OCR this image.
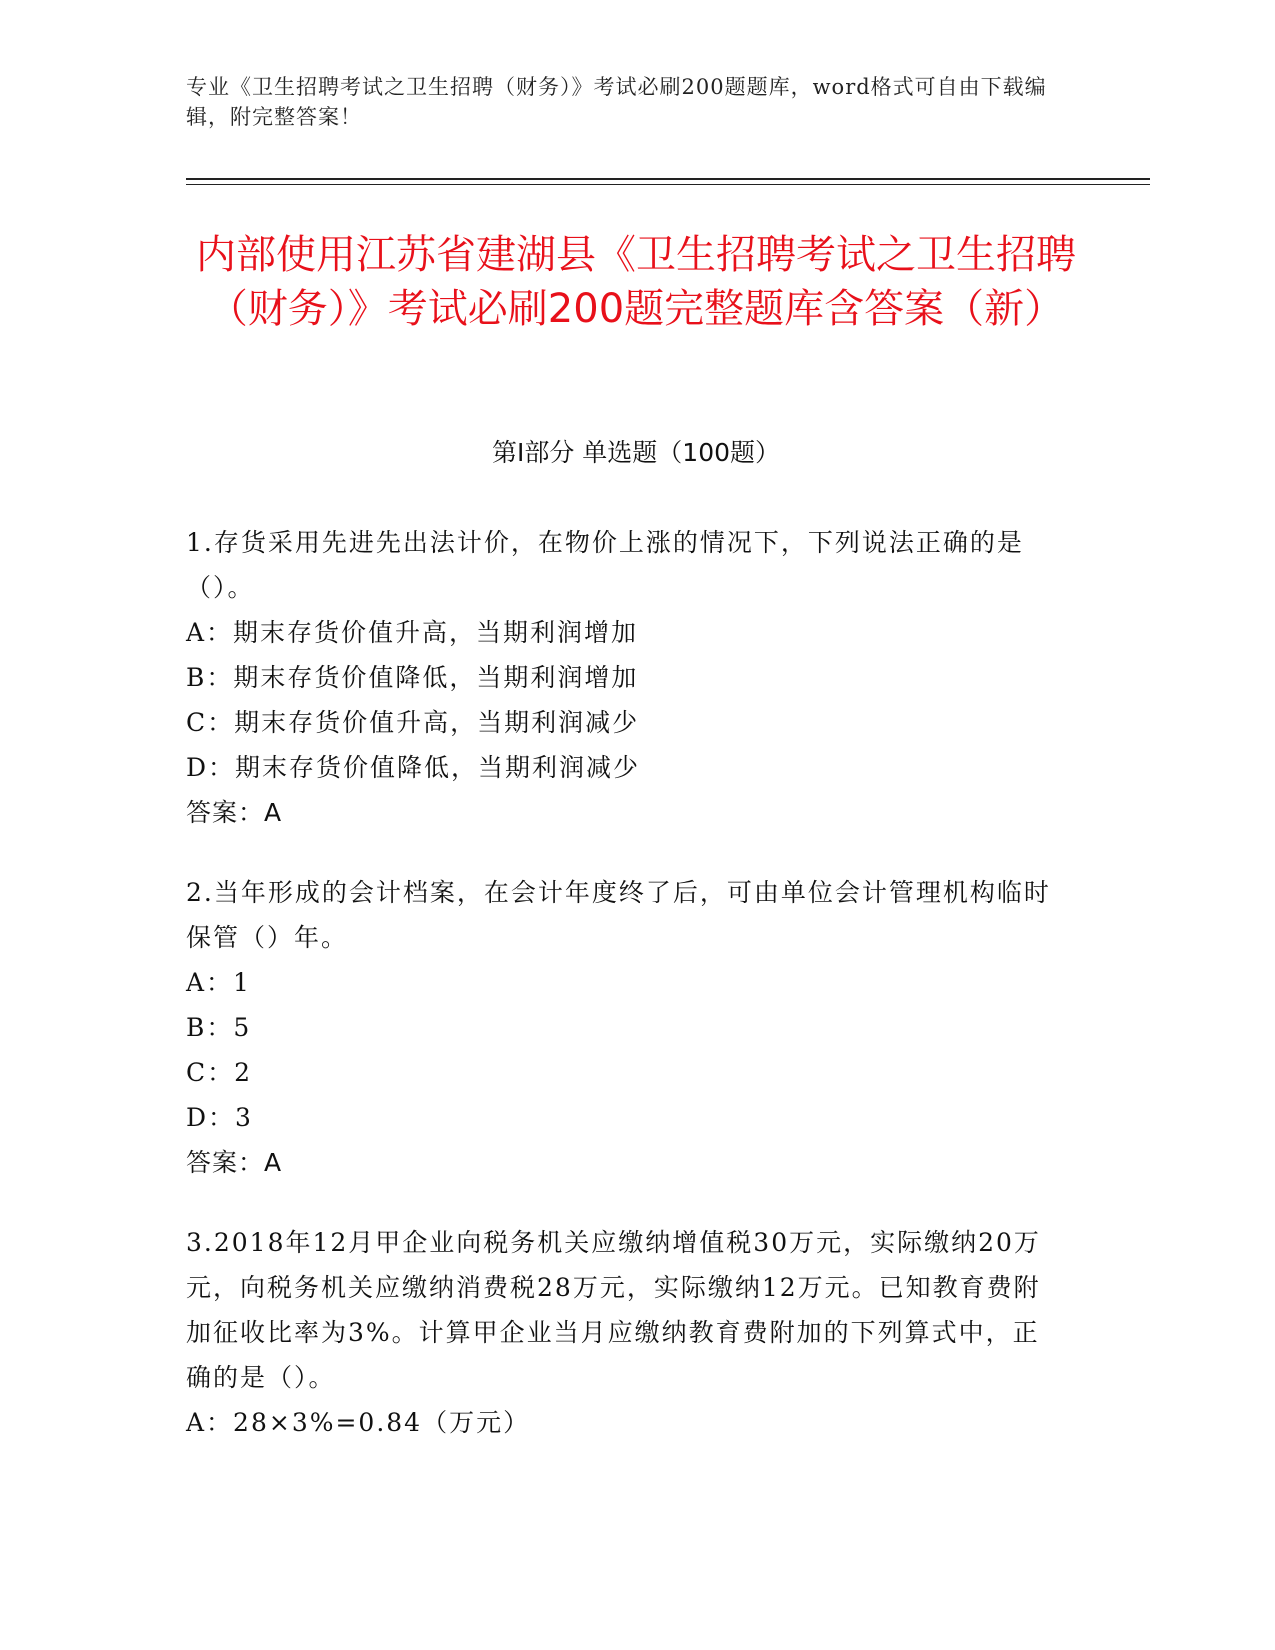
专业《卫生招聘考试之卫生招聘（财务）》考试必刷200题题库，word格式可自由下载编辑，附完整答案！
内部使用江苏省建湖县《卫生招聘考试之卫生招聘（财务）》考试必刷200题完整题库含答案（新）
第I部分 单选题（100题）

1.存货采用先进先出法计价，在物价上涨的情况下，下列说法正确的是（）。

A：期末存货价值升高，当期利润增加
B：期末存货价值降低，当期利润增加
C：期末存货价值升高，当期利润减少
D：期末存货价值降低，当期利润减少
答案：A

2.当年形成的会计档案，在会计年度终了后，可由单位会计管理机构临时保管（）年。

A：1
B：5
C：2
D：3
答案：A

3.2018年12月甲企业向税务机关应缴纳增值税30万元，实际缴纳20万元，向税务机关应缴纳消费税28万元，实际缴纳12万元。已知教育费附加征收比率为3%。计算甲企业当月应缴纳教育费附加的下列算式中，正确的是（）。

A：28×3%=0.84（万元）
